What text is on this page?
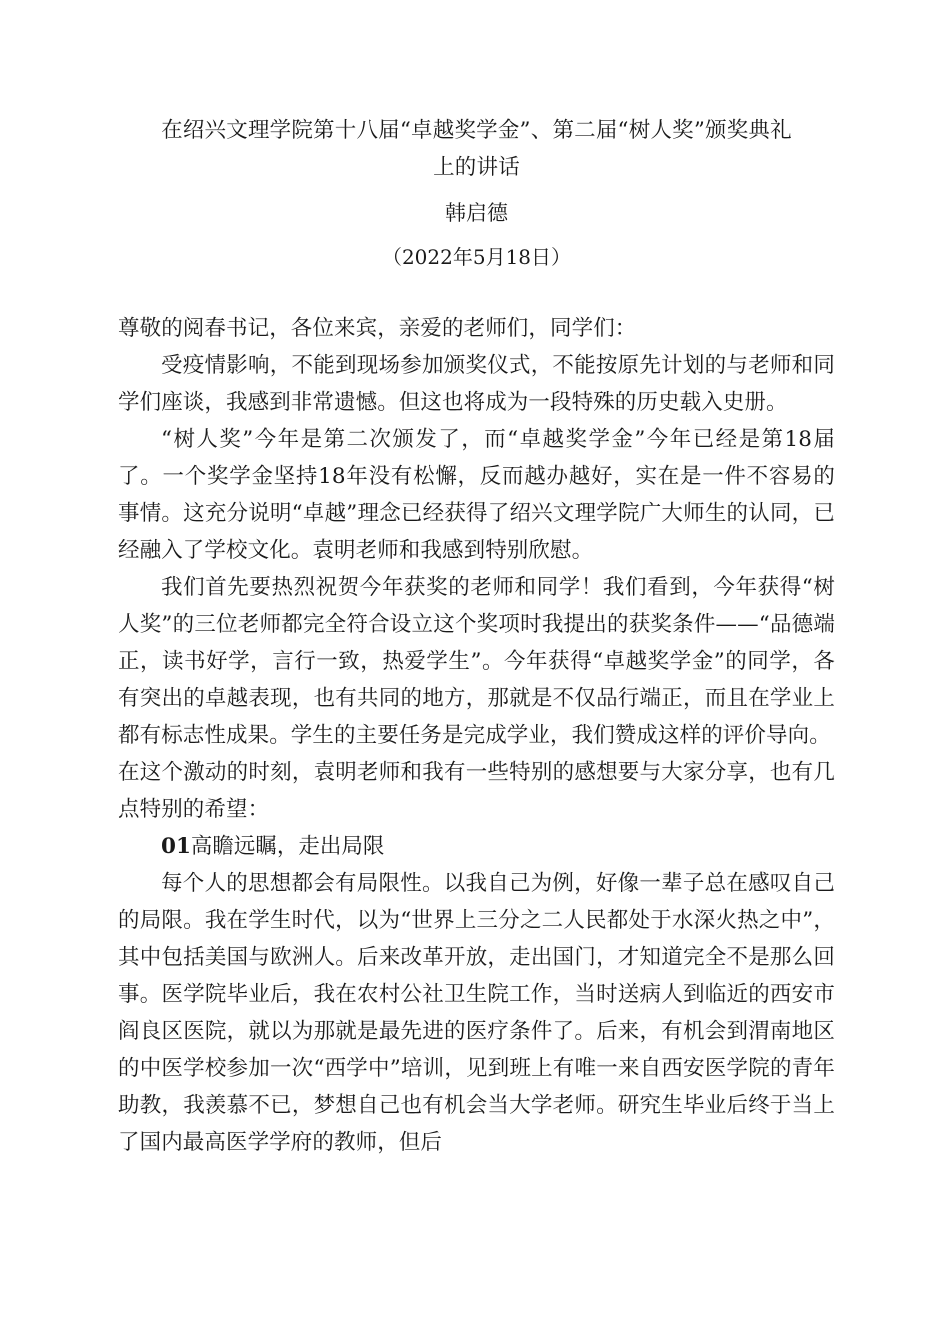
在绍兴文理学院第十八届“卓越奖学金”、第二届“树人奖”颁奖典礼
上的讲话
韩启德
（2022年5月18日）

尊敬的阅春书记，各位来宾，亲爱的老师们，同学们：

受疫情影响，不能到现场参加颁奖仪式，不能按原先计划的与老师和同学们座谈，我感到非常遗憾。但这也将成为一段特殊的历史载入史册。

“树人奖”今年是第二次颁发了，而“卓越奖学金”今年已经是第18届了。一个奖学金坚持18年没有松懈，反而越办越好，实在是一件不容易的事情。这充分说明“卓越”理念已经获得了绍兴文理学院广大师生的认同，已经融入了学校文化。袁明老师和我感到特别欣慰。

我们首先要热烈祝贺今年获奖的老师和同学！我们看到，今年获得“树人奖”的三位老师都完全符合设立这个奖项时我提出的获奖条件——“品德端正，读书好学，言行一致，热爱学生”。今年获得“卓越奖学金”的同学，各有突出的卓越表现，也有共同的地方，那就是不仅品行端正，而且在学业上都有标志性成果。学生的主要任务是完成学业，我们赞成这样的评价导向。

在这个激动的时刻，袁明老师和我有一些特别的感想要与大家分享，也有几点特别的希望：

01高瞻远瞩，走出局限

每个人的思想都会有局限性。以我自己为例，好像一辈子总在感叹自己的局限。我在学生时代，以为“世界上三分之二人民都处于水深火热之中”，其中包括美国与欧洲人。后来改革开放，走出国门，才知道完全不是那么回事。医学院毕业后，我在农村公社卫生院工作，当时送病人到临近的西安市阎良区医院，就以为那就是最先进的医疗条件了。后来，有机会到渭南地区的中医学校参加一次“西学中”培训，见到班上有唯一来自西安医学院的青年助教，我羡慕不已，梦想自己也有机会当大学老师。研究生毕业后终于当上了国内最高医学学府的教师，但后
